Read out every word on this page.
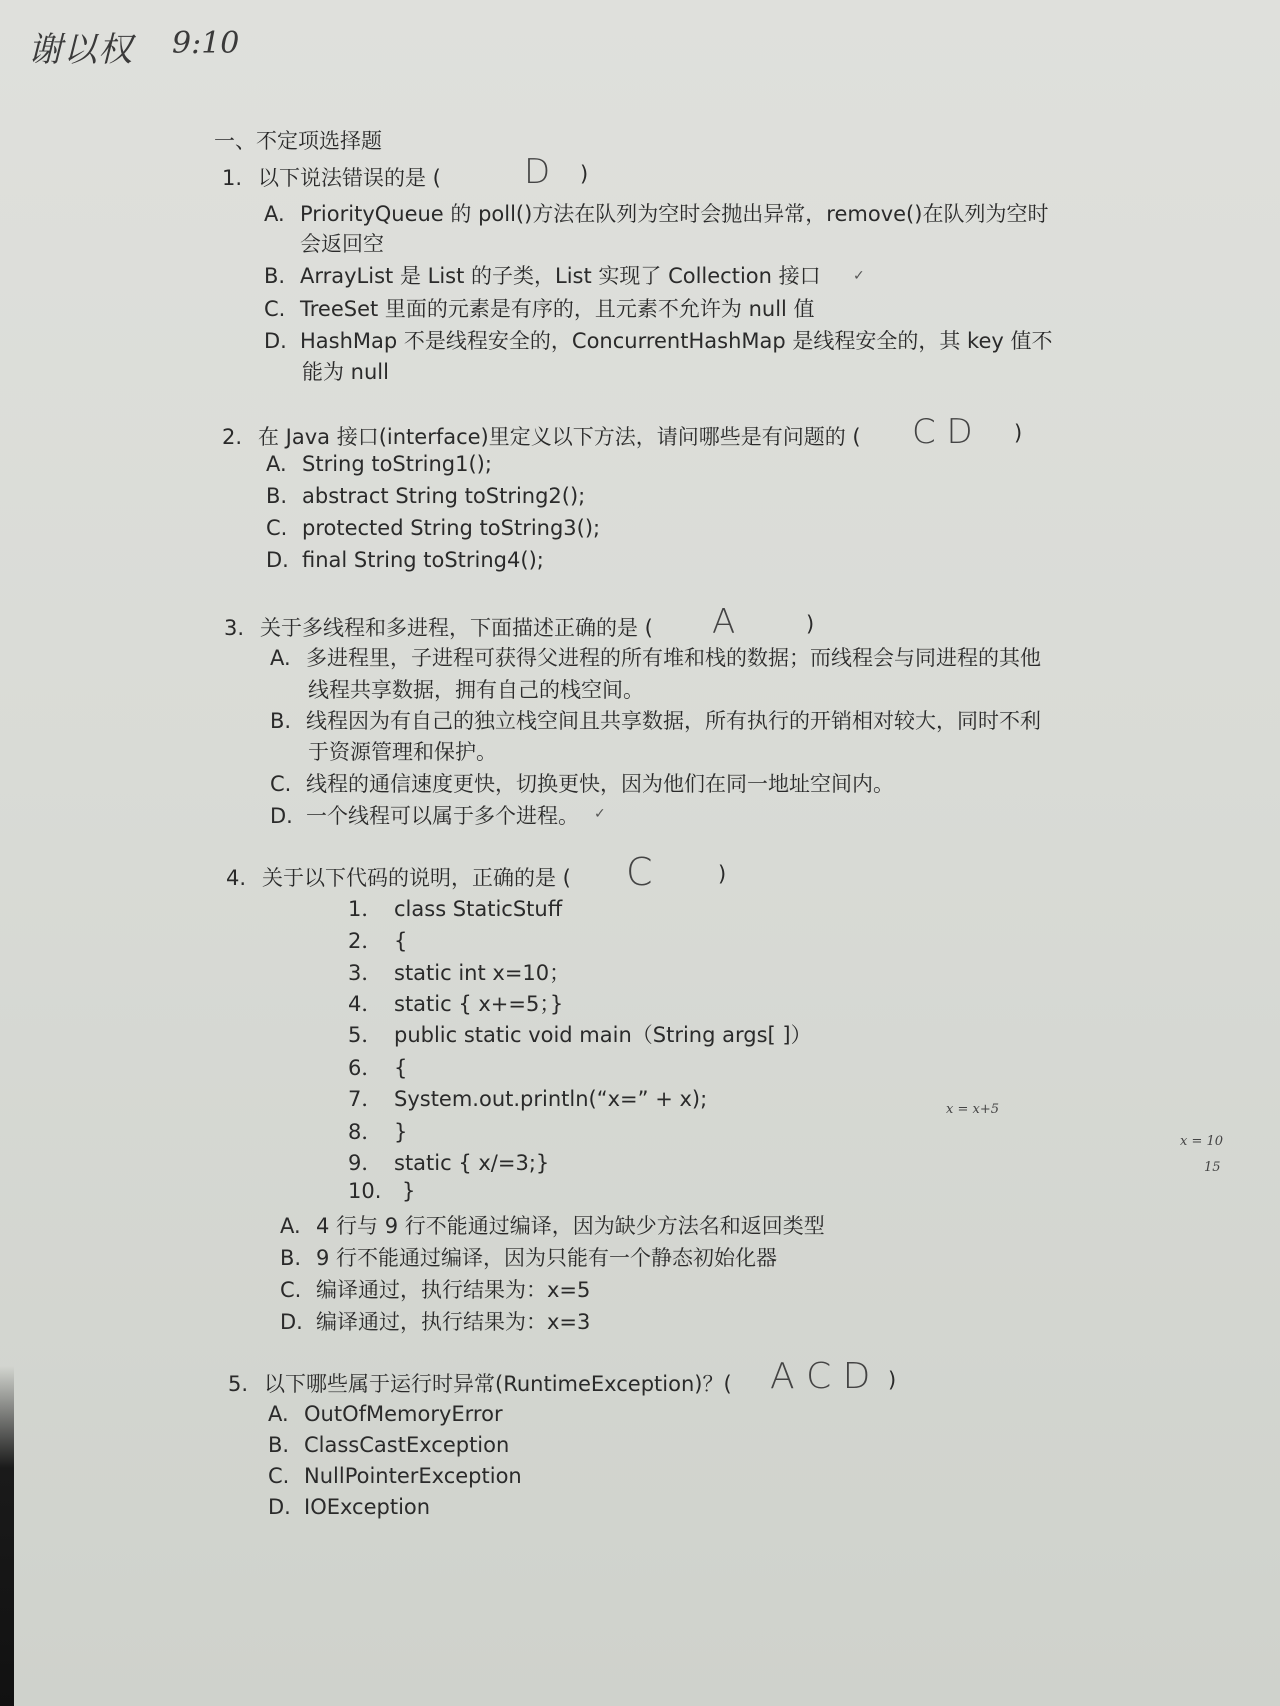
谢以权 9:10
一、不定项选择题
1. 以下说法错误的是 ( D )
A. PriorityQueue 的 poll()方法在队列为空时会抛出异常，remove()在队列为空时
会返回空
B. ArrayList 是 List 的子类，List 实现了 Collection 接口 ✓
C. TreeSet 里面的元素是有序的，且元素不允许为 null 值
D. HashMap 不是线程安全的，ConcurrentHashMap 是线程安全的，其 key 值不
能为 null
2. 在 Java 接口(interface)里定义以下方法，请问哪些是有问题的 ( C D )
A. String toString1();
B. abstract String toString2();
C. protected String toString3();
D. final String toString4();
3. 关于多线程和多进程，下面描述正确的是 ( A	)
A. 多进程里，子进程可获得父进程的所有堆和栈的数据；而线程会与同进程的其他
线程共享数据，拥有自己的栈空间。
B. 线程因为有自己的独立栈空间且共享数据，所有执行的开销相对较大，同时不利
于资源管理和保护。
C. 线程的通信速度更快，切换更快，因为他们在同一地址空间内。
D. 一个线程可以属于多个进程。 ✓
4. 关于以下代码的说明，正确的是 ( C	)
1． class StaticStuff
2． {
3． static int x=10；
4． static { x+=5；}
5． public static void main（String args[ ]）
6． {
7． System.out.println(“x=” + x);
8． }
9． static { x/=3;}
10. }
x = x+5
x = 10
15
A. 4 行与 9 行不能通过编译，因为缺少方法名和返回类型
B. 9 行不能通过编译，因为只能有一个静态初始化器
C. 编译通过，执行结果为：x=5
D. 编译通过，执行结果为：x=3
5. 以下哪些属于运行时异常(RuntimeException)？( A C D )
A. OutOfMemoryError
B. ClassCastException
C. NullPointerException
D. IOException
